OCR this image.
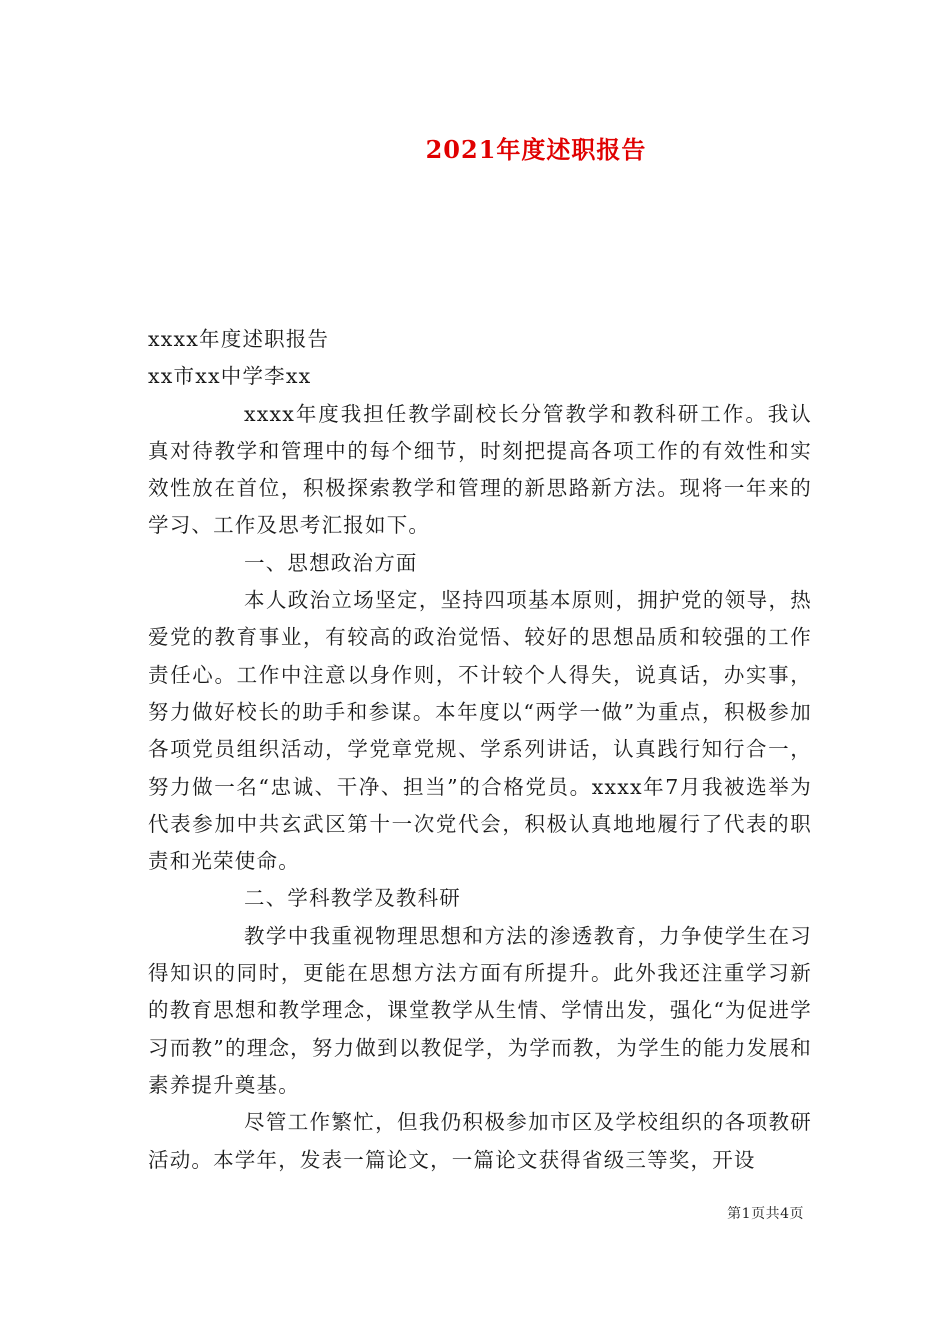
2021年度述职报告

xxxx年度述职报告

xx市xx中学李xx

xxxx年度我担任教学副校长分管教学和教科研工作。我认真对待教学和管理中的每个细节，时刻把提高各项工作的有效性和实效性放在首位，积极探索教学和管理的新思路新方法。现将一年来的学习、工作及思考汇报如下。

一、思想政治方面

本人政治立场坚定，坚持四项基本原则，拥护党的领导，热爱党的教育事业，有较高的政治觉悟、较好的思想品质和较强的工作责任心。工作中注意以身作则，不计较个人得失，说真话，办实事，努力做好校长的助手和参谋。本年度以“两学一做”为重点，积极参加各项党员组织活动，学党章党规、学系列讲话，认真践行知行合一，努力做一名“忠诚、干净、担当”的合格党员。xxxx年7月我被选举为代表参加中共玄武区第十一次党代会，积极认真地地履行了代表的职责和光荣使命。

二、学科教学及教科研

教学中我重视物理思想和方法的渗透教育，力争使学生在习得知识的同时，更能在思想方法方面有所提升。此外我还注重学习新的教育思想和教学理念，课堂教学从生情、学情出发，强化“为促进学习而教”的理念，努力做到以教促学，为学而教，为学生的能力发展和素养提升奠基。

尽管工作繁忙，但我仍积极参加市区及学校组织的各项教研活动。本学年，发表一篇论文，一篇论文获得省级三等奖，开设

第1页共4页
